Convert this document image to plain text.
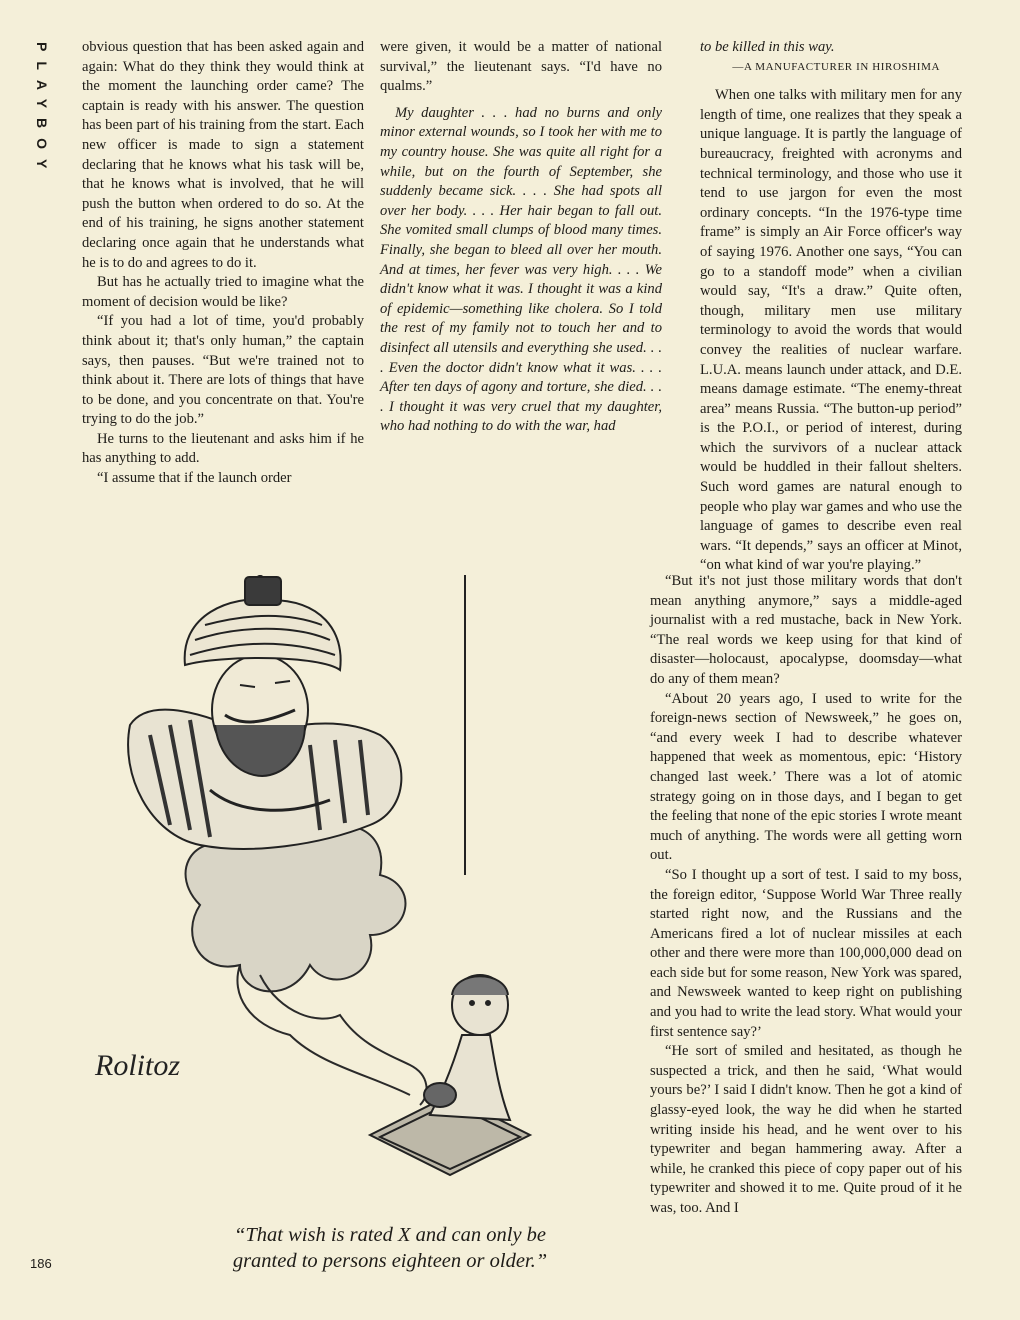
PLAYBOY obvious question that has been asked again and again: What do they think they would think at the moment the launching order came? The captain is ready with his answer. The question has been part of his training from the start. Each new officer is made to sign a statement declaring that he knows what his task will be, that he knows what is involved, that he will push the button when ordered to do so. At the end of his training, he signs another statement declaring once again that he understands what he is to do and agrees to do it.

But has he actually tried to imagine what the moment of decision would be like?

“If you had a lot of time, you'd probably think about it; that's only human,” the captain says, then pauses. “But we're trained not to think about it. There are lots of things that have to be done, and you concentrate on that. You're trying to do the job.”

He turns to the lieutenant and asks him if he has anything to add.

“I assume that if the launch order

were given, it would be a matter of national survival,” the lieutenant says. “I'd have no qualms.”

My daughter . . . had no burns and only minor external wounds, so I took her with me to my country house. She was quite all right for a while, but on the fourth of September, she suddenly became sick. . . . She had spots all over her body. . . . Her hair began to fall out. She vomited small clumps of blood many times. Finally, she began to bleed all over her mouth. And at times, her fever was very high. . . . We didn't know what it was. I thought it was a kind of epidemic—something like cholera. So I told the rest of my family not to touch her and to disinfect all utensils and everything she used. . . . Even the doctor didn't know what it was. . . . After ten days of agony and torture, she died. . . . I thought it was very cruel that my daughter, who had nothing to do with the war, had

to be killed in this way.

—A MANUFACTURER IN HIROSHIMA

When one talks with military men for any length of time, one realizes that they speak a unique language. It is partly the language of bureaucracy, freighted with acronyms and technical terminology, and those who use it tend to use jargon for even the most ordinary concepts. “In the 1976-type time frame” is simply an Air Force officer's way of saying 1976. Another one says, “You can go to a standoff mode” when a civilian would say, “It's a draw.” Quite often, though, military men use military terminology to avoid the words that would convey the realities of nuclear warfare. L.U.A. means launch under attack, and D.E. means damage estimate. “The enemy-threat area” means Russia. “The button-up period” is the P.O.I., or period of interest, during which the survivors of a nuclear attack would be huddled in their fallout shelters. Such word games are natural enough to people who play war games and who use the language of games to describe even real wars. “It depends,” says an officer at Minot, “on what kind of war you're playing.”

“But it's not just those military words that don't mean anything anymore,” says a middle-aged journalist with a red mustache, back in New York. “The real words we keep using for that kind of disaster—holocaust, apocalypse, doomsday—what do any of them mean?

“About 20 years ago, I used to write for the foreign-news section of Newsweek,” he goes on, “and every week I had to describe whatever happened that week as momentous, epic: ‘History changed last week.’ There was a lot of atomic strategy going on in those days, and I began to get the feeling that none of the epic stories I wrote meant much of anything. The words were all getting worn out.

“So I thought up a sort of test. I said to my boss, the foreign editor, ‘Suppose World War Three really started right now, and the Russians and the Americans fired a lot of nuclear missiles at each other and there were more than 100,000,000 dead on each side but for some reason, New York was spared, and Newsweek wanted to keep right on publishing and you had to write the lead story. What would your first sentence say?’

“He sort of smiled and hesitated, as though he suspected a trick, and then he said, ‘What would yours be?’ I said I didn't know. Then he got a kind of glassy-eyed look, the way he did when he started writing inside his head, and he went over to his typewriter and began hammering away. After a while, he cranked this piece of copy paper out of his typewriter and showed it to me. Quite proud of it he was, too. And I

Rolitoz
“That wish is rated X and can only be
granted to persons eighteen or older.”
186
